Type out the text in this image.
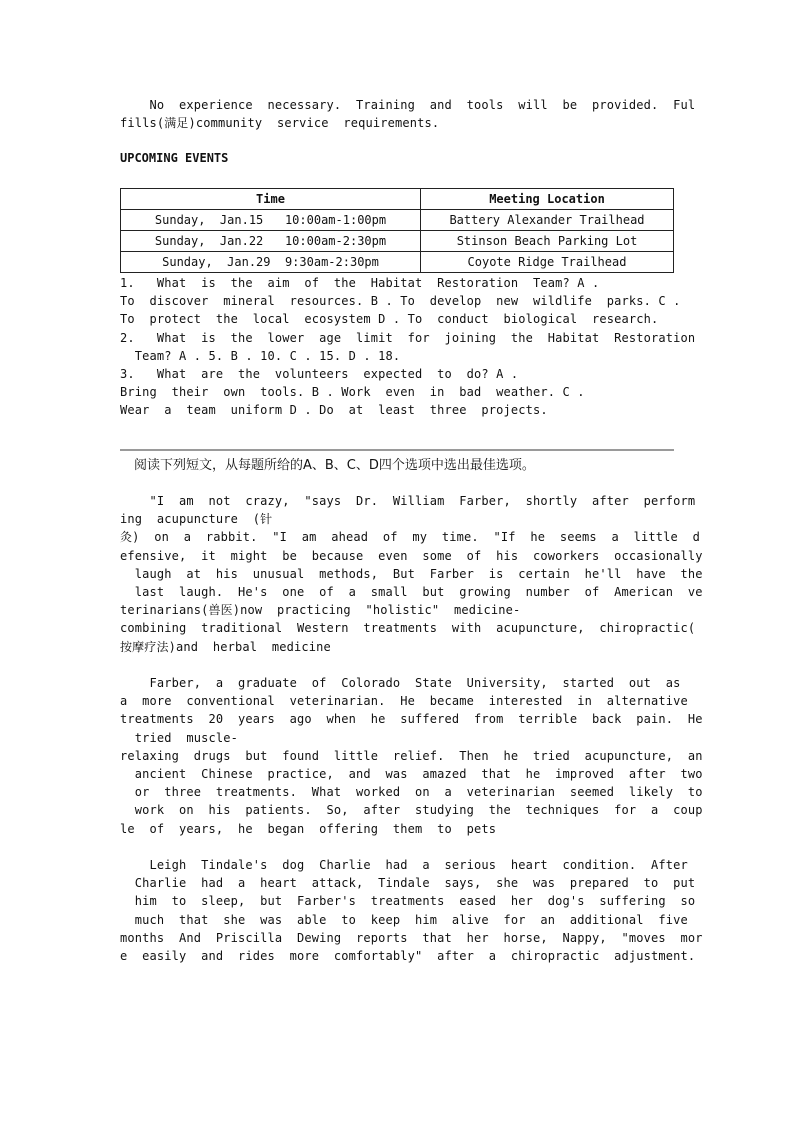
No  experience  necessary.  Training  and  tools  will  be  provided.  Ful
fills(满足)community  service  requirements.
UPCOMING EVENTS
Time	Meeting Location
Sunday,  Jan.15   10:00am-1:00pm	Battery Alexander Trailhead
Sunday,  Jan.22   10:00am-2:30pm	Stinson Beach Parking Lot
Sunday,  Jan.29  9:30am-2:30pm	Coyote Ridge Trailhead
1.   What  is  the  aim  of  the  Habitat  Restoration  Team? A .
To  discover  mineral  resources. B . To  develop  new  wildlife  parks. C .
To  protect  the  local  ecosystem D . To  conduct  biological  research.
2.   What  is  the  lower  age  limit  for  joining  the  Habitat  Restoration
Team? A . 5. B . 10. C . 15. D . 18.
3.   What  are  the  volunteers  expected  to  do? A .
Bring  their  own  tools. B . Work  even  in  bad  weather. C .
Wear  a  team  uniform D . Do  at  least  three  projects.
阅读下列短文，从每题所给的A、B、C、D四个选项中选出最佳选项。
"I  am  not  crazy,  "says  Dr.  William  Farber,  shortly  after  perform
ing  acupuncture  (针
灸)  on  a  rabbit.  "I  am  ahead  of  my  time.  "If  he  seems  a  little  d
efensive,  it  might  be  because  even  some  of  his  coworkers  occasionally
laugh  at  his  unusual  methods,  But  Farber  is  certain  he'll  have  the
last  laugh.  He's  one  of  a  small  but  growing  number  of  American  ve
terinarians(兽医)now  practicing  "holistic"  medicine-
combining  traditional  Western  treatments  with  acupuncture,  chiropractic(
按摩疗法)and  herbal  medicine
Farber,  a  graduate  of  Colorado  State  University,  started  out  as
a  more  conventional  veterinarian.  He  became  interested  in  alternative
treatments  20  years  ago  when  he  suffered  from  terrible  back  pain.  He
tried  muscle-
relaxing  drugs  but  found  little  relief.  Then  he  tried  acupuncture,  an
ancient  Chinese  practice,  and  was  amazed  that  he  improved  after  two
or  three  treatments.  What  worked  on  a  veterinarian  seemed  likely  to
work  on  his  patients.  So,  after  studying  the  techniques  for  a  coup
le  of  years,  he  began  offering  them  to  pets
Leigh  Tindale's  dog  Charlie  had  a  serious  heart  condition.  After
Charlie  had  a  heart  attack,  Tindale  says,  she  was  prepared  to  put
him  to  sleep,  but  Farber's  treatments  eased  her  dog's  suffering  so
much  that  she  was  able  to  keep  him  alive  for  an  additional  five
months  And  Priscilla  Dewing  reports  that  her  horse,  Nappy,  "moves  mor
e  easily  and  rides  more  comfortably"  after  a  chiropractic  adjustment.
